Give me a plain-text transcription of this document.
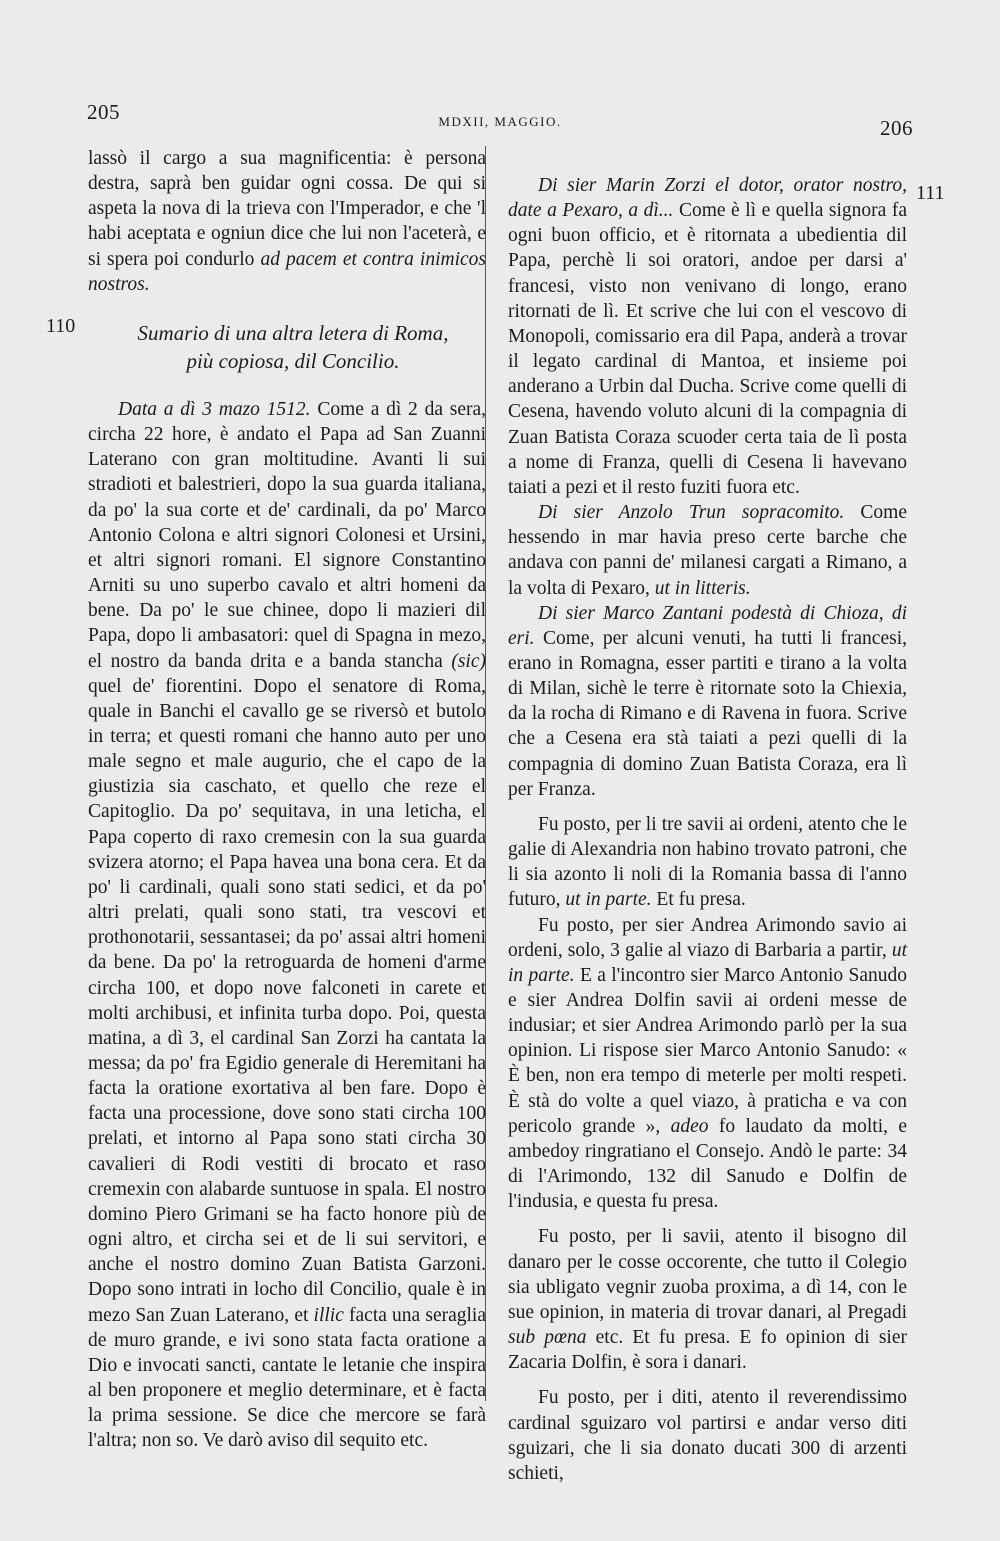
205	MDXII, MAGGIO.	206
110
111

lassò il cargo a sua magnificentia: è persona destra, saprà ben guidar ogni cossa. De qui si aspeta la nova di la trieva con l'Imperador, e che 'l habi aceptata e ogniun dice che lui non l'aceterà, e si spera poi condurlo ad pacem et contra inimicos nostros.

Sumario di una altra letera di Roma,
più copiosa, dil Concilio.

Data a dì 3 mazo 1512. Come a dì 2 da sera, circha 22 hore, è andato el Papa ad San Zuanni Laterano con gran moltitudine. Avanti li sui stradioti et balestrieri, dopo la sua guarda italiana, da po' la sua corte et de' cardinali, da po' Marco Antonio Colona e altri signori Colonesi et Ursini, et altri signori romani. El signore Constantino Arniti su uno superbo cavalo et altri homeni da bene. Da po' le sue chinee, dopo li mazieri dil Papa, dopo li ambasatori: quel di Spagna in mezo, el nostro da banda drita e a banda stancha (sic) quel de' fiorentini. Dopo el senatore di Roma, quale in Banchi el cavallo ge se riversò et butolo in terra; et questi romani che hanno auto per uno male segno et male augurio, che el capo de la giustizia sia caschato, et quello che reze el Capitoglio. Da po' sequitava, in una leticha, el Papa coperto di raxo cremesin con la sua guarda svizera atorno; el Papa havea una bona cera. Et da po' li cardinali, quali sono stati sedici, et da po' altri prelati, quali sono stati, tra vescovi et prothonotarii, sessantasei; da po' assai altri homeni da bene. Da po' la retroguarda de homeni d'arme circha 100, et dopo nove falconeti in carete et molti archibusi, et infinita turba dopo. Poi, questa matina, a dì 3, el cardinal San Zorzi ha cantata la messa; da po' fra Egidio generale di Heremitani ha facta la oratione exortativa al ben fare. Dopo è facta una processione, dove sono stati circha 100 prelati, et intorno al Papa sono stati circha 30 cavalieri di Rodi vestiti di brocato et raso cremexin con alabarde suntuose in spala. El nostro domino Piero Grimani se ha facto honore più de ogni altro, et circha sei et de li sui servitori, e anche el nostro domino Zuan Batista Garzoni. Dopo sono intrati in locho dil Concilio, quale è in mezo San Zuan Laterano, et illic facta una seraglia de muro grande, e ivi sono stata facta oratione a Dio e invocati sancti, cantate le letanie che inspira al ben proponere et meglio determinare, et è facta la prima sessione. Se dice che mercore se farà l'altra; non so. Ve darò aviso dil sequito etc.

Di sier Marin Zorzi el dotor, orator nostro, date a Pexaro, a dì... Come è lì e quella signora fa ogni buon officio, et è ritornata a ubedientia dil Papa, perchè li soi oratori, andoe per darsi a' francesi, visto non venivano di longo, erano ritornati de lì. Et scrive che lui con el vescovo di Monopoli, comissario era dil Papa, anderà a trovar il legato cardinal di Mantoa, et insieme poi anderano a Urbin dal Ducha. Scrive come quelli di Cesena, havendo voluto alcuni di la compagnia di Zuan Batista Coraza scuoder certa taia de lì posta a nome di Franza, quelli di Cesena li havevano taiati a pezi et il resto fuziti fuora etc.

Di sier Anzolo Trun sopracomito. Come hessendo in mar havia preso certe barche che andava con panni de' milanesi cargati a Rimano, a la volta di Pexaro, ut in litteris.

Di sier Marco Zantani podestà di Chioza, di eri. Come, per alcuni venuti, ha tutti li francesi, erano in Romagna, esser partiti e tirano a la volta di Milan, sichè le terre è ritornate soto la Chiexia, da la rocha di Rimano e di Ravena in fuora. Scrive che a Cesena era stà taiati a pezi quelli di la compagnia di domino Zuan Batista Coraza, era lì per Franza.

Fu posto, per li tre savii ai ordeni, atento che le galie di Alexandria non habino trovato patroni, che li sia azonto li noli di la Romania bassa di l'anno futuro, ut in parte. Et fu presa.

Fu posto, per sier Andrea Arimondo savio ai ordeni, solo, 3 galie al viazo di Barbaria a partir, ut in parte. E a l'incontro sier Marco Antonio Sanudo e sier Andrea Dolfin savii ai ordeni messe de indusiar; et sier Andrea Arimondo parlò per la sua opinion. Li rispose sier Marco Antonio Sanudo: « È ben, non era tempo di meterle per molti respeti. È stà do volte a quel viazo, à praticha e va con pericolo grande », adeo fo laudato da molti, e ambedoy ringratiano el Consejo. Andò le parte: 34 di l'Arimondo, 132 dil Sanudo e Dolfin de l'indusia, e questa fu presa.

Fu posto, per li savii, atento il bisogno dil danaro per le cosse occorente, che tutto il Colegio sia ubligato vegnir zuoba proxima, a dì 14, con le sue opinion, in materia di trovar danari, al Pregadi sub pœna etc. Et fu presa. E fo opinion di sier Zacaria Dolfin, è sora i danari.

Fu posto, per i diti, atento il reverendissimo cardinal sguizaro vol partirsi e andar verso diti sguizari, che li sia donato ducati 300 di arzenti schieti,
